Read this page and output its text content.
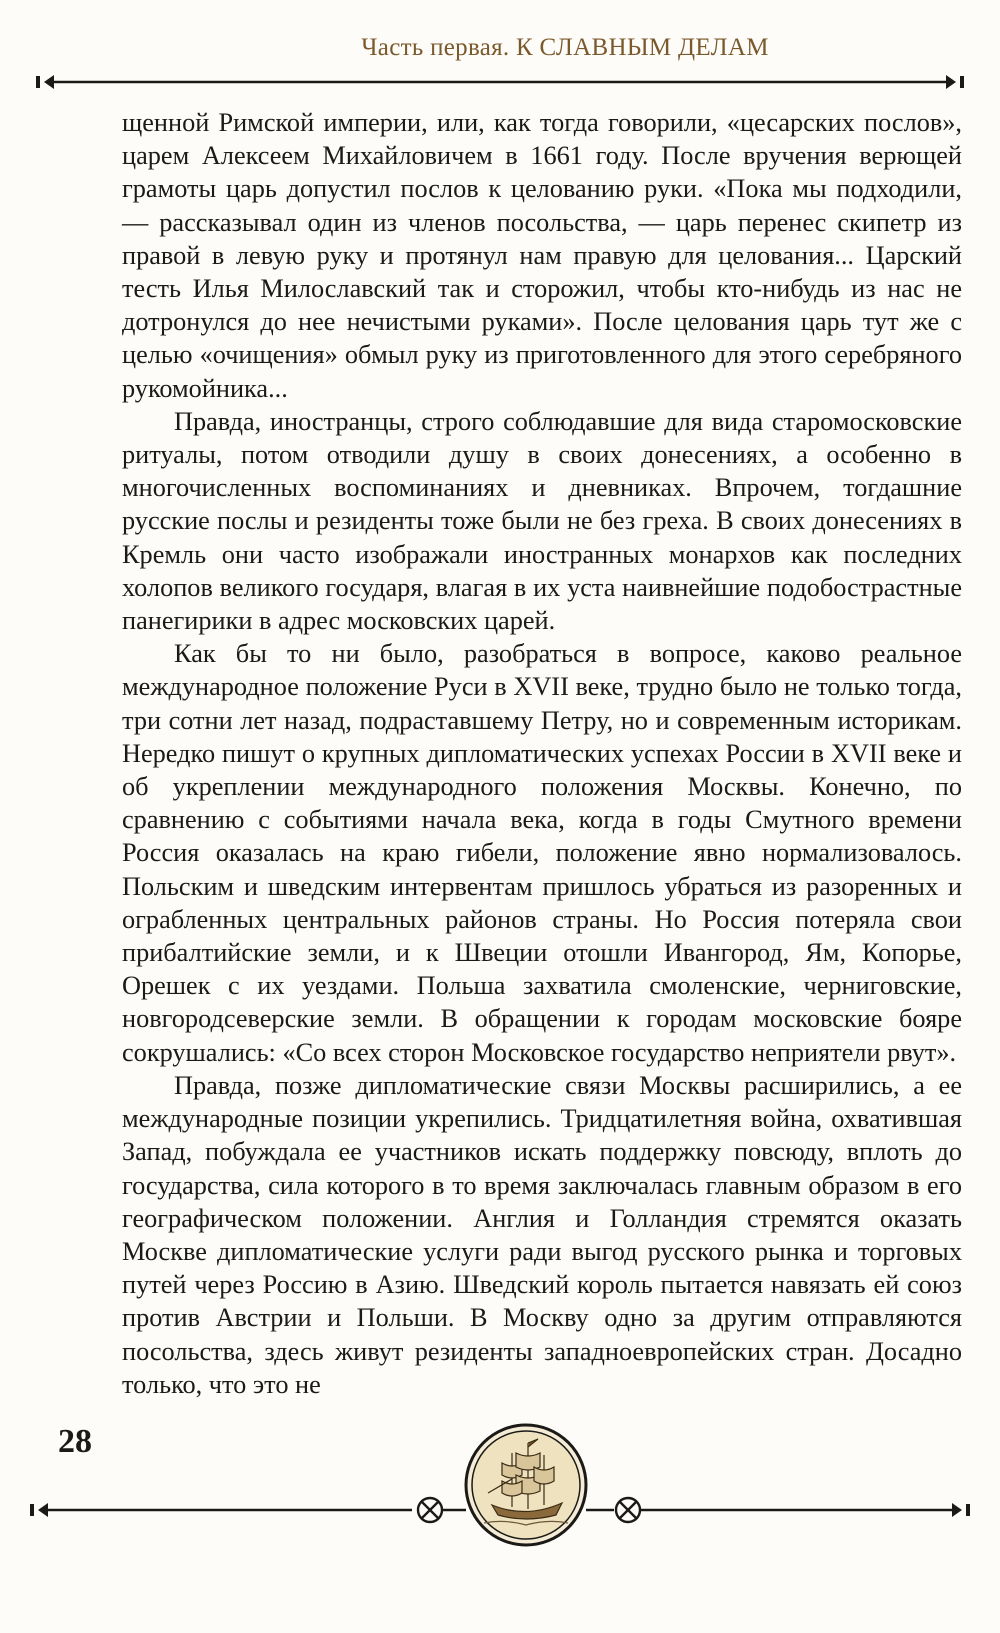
Часть первая. К СЛАВНЫМ ДЕЛАМ

щенной Римской империи, или, как тогда говорили, «цесарских послов», царем Алексеем Михайловичем в 1661 году. После вручения верющей грамоты царь допустил послов к целованию руки. «Пока мы подходили, — рассказывал один из членов посольства, — царь перенес скипетр из правой в левую руку и протянул нам правую для целования... Царский тесть Илья Милославский так и сторожил, чтобы кто-нибудь из нас не дотронулся до нее нечистыми руками». После целования царь тут же с целью «очищения» обмыл руку из приготовленного для этого серебряного рукомойника...

Правда, иностранцы, строго соблюдавшие для вида старомосковские ритуалы, потом отводили душу в своих донесениях, а особенно в многочисленных воспоминаниях и дневниках. Впрочем, тогдашние русские послы и резиденты тоже были не без греха. В своих донесениях в Кремль они часто изображали иностранных монархов как последних холопов великого государя, влагая в их уста наивнейшие подобострастные панегирики в адрес московских царей.

Как бы то ни было, разобраться в вопросе, каково реальное международное положение Руси в XVII веке, трудно было не только тогда, три сотни лет назад, подраставшему Петру, но и современным историкам. Нередко пишут о крупных дипломатических успехах России в XVII веке и об укреплении международного положения Москвы. Конечно, по сравнению с событиями начала века, когда в годы Смутного времени Россия оказалась на краю гибели, положение явно нормализовалось. Польским и шведским интервентам пришлось убраться из разоренных и ограбленных центральных районов страны. Но Россия потеряла свои прибалтийские земли, и к Швеции отошли Ивангород, Ям, Копорье, Орешек с их уездами. Польша захватила смоленские, черниговские, новгородсеверские земли. В обращении к городам московские бояре сокрушались: «Со всех сторон Московское государство неприятели рвут».

Правда, позже дипломатические связи Москвы расширились, а ее международные позиции укрепились. Тридцатилетняя война, охватившая Запад, побуждала ее участников искать поддержку повсюду, вплоть до государства, сила которого в то время заключалась главным образом в его географическом положении. Англия и Голландия стремятся оказать Москве дипломатические услуги ради выгод русского рынка и торговых путей через Россию в Азию. Шведский король пытается навязать ей союз против Австрии и Польши. В Москву одно за другим отправляются посольства, здесь живут резиденты западноевропейских стран. Досадно только, что это не

28
